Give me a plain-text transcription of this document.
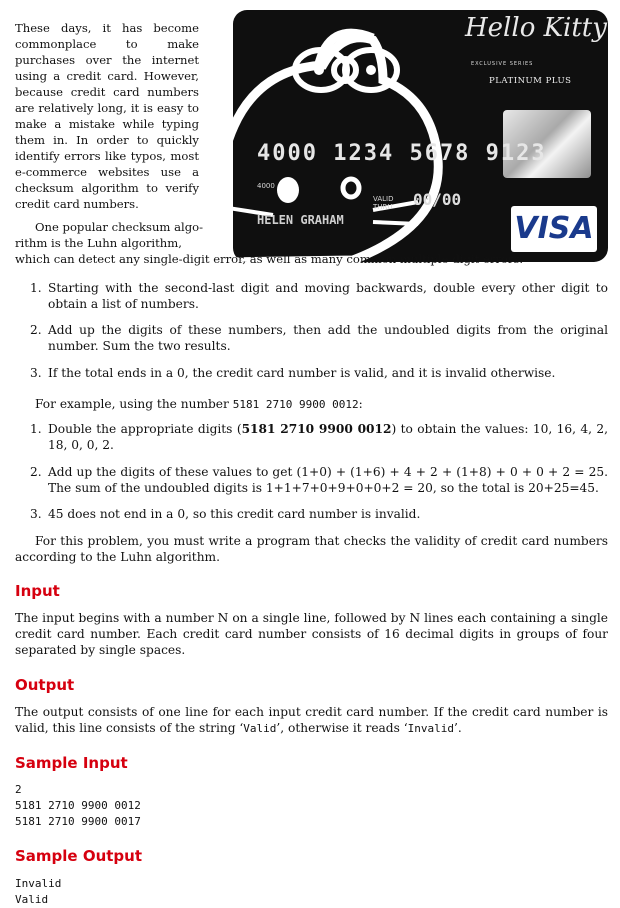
These days, it has become commonplace to make purchases over the internet using a credit card. However, because credit card numbers are relatively long, it is easy to make a mistake while typing them in. In order to quickly identify errors like typos, most e-commerce websites use a checksum algorithm to verify credit card numbers.
Hello Kitty
EXCLUSIVE SERIES
PLATINUM PLUS
4000 1234 5678 9123
4000
VALID THRU	00/00
HELEN GRAHAM	VISA
One popular checksum algo-
rithm is the Luhn algorithm,
which can detect any single-digit error, as well as many common multiple-digit errors.
1. Starting with the second-last digit and moving backwards, double every other digit to obtain a list of numbers.
2. Add up the digits of these numbers, then add the undoubled digits from the original number. Sum the two results.
3. If the total ends in a 0, the credit card number is valid, and it is invalid otherwise.
For example, using the number 5181 2710 9900 0012:
1. Double the appropriate digits (5181 2710 9900 0012) to obtain the values: 10, 16, 4, 2, 18, 0, 0, 2.
2. Add up the digits of these values to get (1+0) + (1+6) + 4 + 2 + (1+8) + 0 + 0 + 2 = 25. The sum of the undoubled digits is 1+1+7+0+9+0+0+2 = 20, so the total is 20+25=45.
3. 45 does not end in a 0, so this credit card number is invalid.
For this problem, you must write a program that checks the validity of credit card numbers according to the Luhn algorithm.
Input
The input begins with a number N on a single line, followed by N lines each containing a single credit card number. Each credit card number consists of 16 decimal digits in groups of four separated by single spaces.
Output
The output consists of one line for each input credit card number. If the credit card number is valid, this line consists of the string ‘Valid’, otherwise it reads ‘Invalid’.
Sample Input
2
5181 2710 9900 0012
5181 2710 9900 0017
Sample Output
Invalid
Valid
